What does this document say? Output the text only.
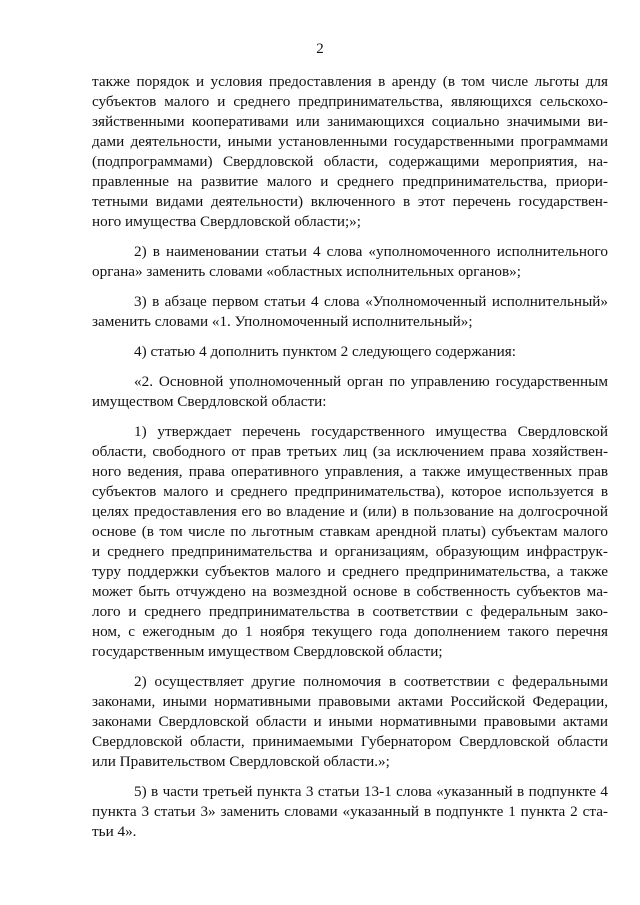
2
также порядок и условия предоставления в аренду (в том числе льготы для
субъектов малого и среднего предпринимательства, являющихся сельскохо-
зяйственными кооперативами или занимающихся социально значимыми ви-
дами деятельности, иными установленными государственными программами
(подпрограммами) Свердловской области, содержащими мероприятия, на-
правленные на развитие малого и среднего предпринимательства, приори-
тетными видами деятельности) включенного в этот перечень государствен-
ного имущества Свердловской области;»;
2) в наименовании статьи 4 слова «уполномоченного исполнительного
органа» заменить словами «областных исполнительных органов»;
3) в абзаце первом статьи 4 слова «Уполномоченный исполнительный»
заменить словами «1. Уполномоченный исполнительный»;
4) статью 4 дополнить пунктом 2 следующего содержания:
«2. Основной уполномоченный орган по управлению государственным
имуществом Свердловской области:
1) утверждает перечень государственного имущества Свердловской
области, свободного от прав третьих лиц (за исключением права хозяйствен-
ного ведения, права оперативного управления, а также имущественных прав
субъектов малого и среднего предпринимательства), которое используется в
целях предоставления его во владение и (или) в пользование на долгосрочной
основе (в том числе по льготным ставкам арендной платы) субъектам малого
и среднего предпринимательства и организациям, образующим инфраструк-
туру поддержки субъектов малого и среднего предпринимательства, а также
может быть отчуждено на возмездной основе в собственность субъектов ма-
лого и среднего предпринимательства в соответствии с федеральным зако-
ном, с ежегодным до 1 ноября текущего года дополнением такого перечня
государственным имуществом Свердловской области;
2) осуществляет другие полномочия в соответствии с федеральными
законами, иными нормативными правовыми актами Российской Федерации,
законами Свердловской области и иными нормативными правовыми актами
Свердловской области, принимаемыми Губернатором Свердловской области
или Правительством Свердловской области.»;
5) в части третьей пункта 3 статьи 13-1 слова «указанный в подпункте 4
пункта 3 статьи 3» заменить словами «указанный в подпункте 1 пункта 2 ста-
тьи 4».
